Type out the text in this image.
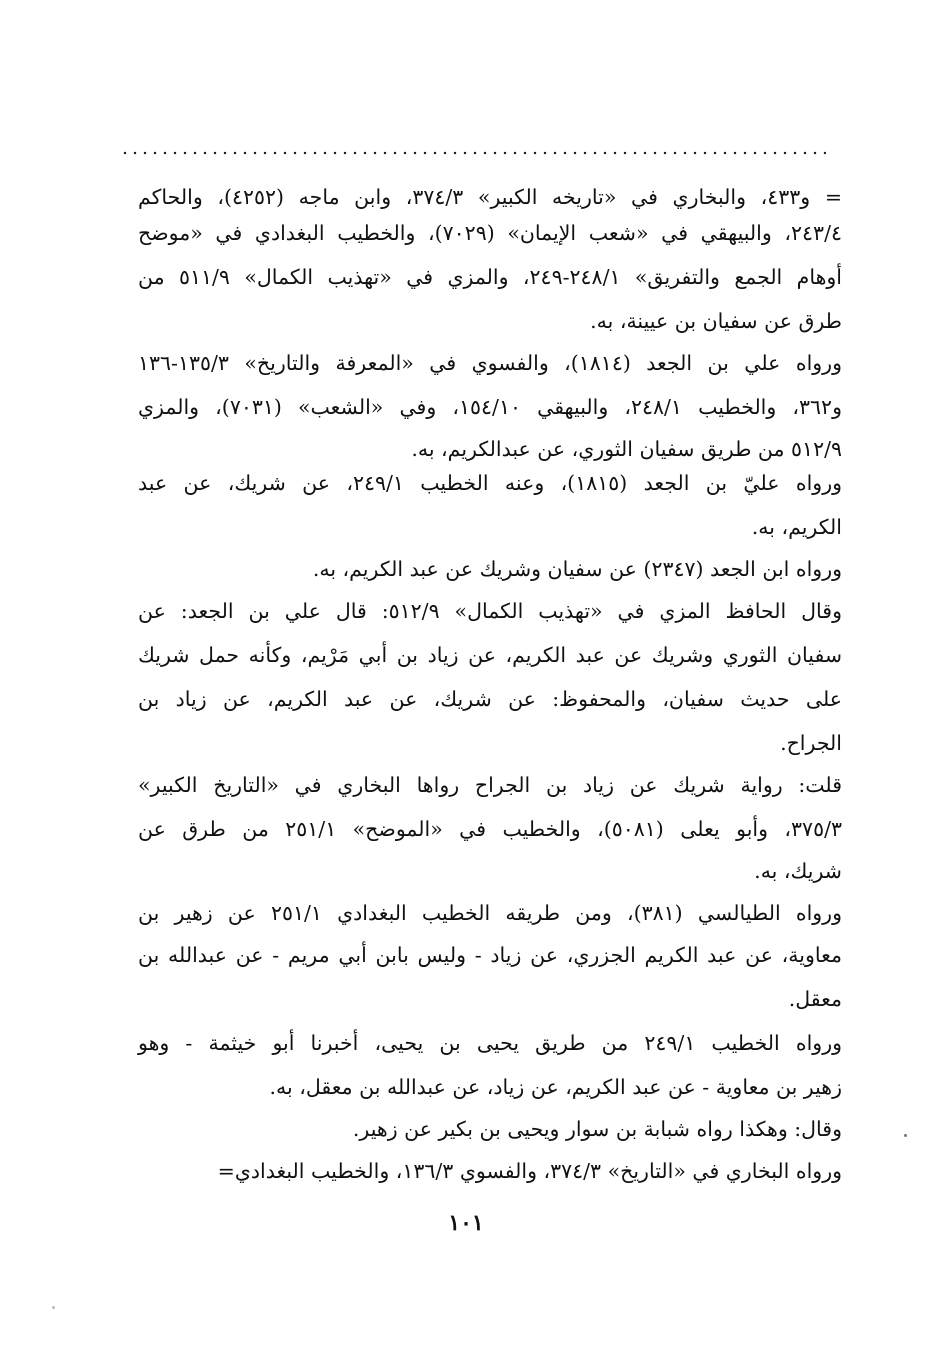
= و٤٣٣، والبخاري في «تاريخه الكبير» ٣٧٤/٣، وابن ماجه (٤٢٥٢)، والحاكم
٢٤٣/٤، والبيهقي في «شعب الإيمان» (٧٠٢٩)، والخطيب البغدادي في «موضح
أوهام الجمع والتفريق» ٢٤٨/١-٢٤٩، والمزي في «تهذيب الكمال» ٥١١/٩ من
طرق عن سفيان بن عيينة، به.
ورواه علي بن الجعد (١٨١٤)، والفسوي في «المعرفة والتاريخ» ١٣٥/٣-١٣٦
و٣٦٢، والخطيب ٢٤٨/١، والبيهقي ١٥٤/١٠، وفي «الشعب» (٧٠٣١)، والمزي
٥١٢/٩ من طريق سفيان الثوري، عن عبدالكريم، به.
ورواه عليّ بن الجعد (١٨١٥)، وعنه الخطيب ٢٤٩/١، عن شريك، عن عبد
الكريم، به.
ورواه ابن الجعد (٢٣٤٧) عن سفيان وشريك عن عبد الكريم، به.
وقال الحافظ المزي في «تهذيب الكمال» ٥١٢/٩: قال علي بن الجعد: عن
سفيان الثوري وشريك عن عبد الكريم، عن زياد بن أبي مَرْيم، وكأنه حمل شريك
على حديث سفيان، والمحفوظ: عن شريك، عن عبد الكريم، عن زياد بن
الجراح.
قلت: رواية شريك عن زياد بن الجراح رواها البخاري في «التاريخ الكبير»
٣٧٥/٣، وأبو يعلى (٥٠٨١)، والخطيب في «الموضح» ٢٥١/١ من طرق عن
شريك، به.
ورواه الطيالسي (٣٨١)، ومن طريقه الخطيب البغدادي ٢٥١/١ عن زهير بن
معاوية، عن عبد الكريم الجزري، عن زياد - وليس بابن أبي مريم - عن عبدالله بن
معقل.
ورواه الخطيب ٢٤٩/١ من طريق يحيى بن يحيى، أخبرنا أبو خيثمة - وهو
زهير بن معاوية - عن عبد الكريم، عن زياد، عن عبدالله بن معقل، به.
وقال: وهكذا رواه شبابة بن سوار ويحيى بن بكير عن زهير.
ورواه البخاري في «التاريخ» ٣٧٤/٣، والفسوي ١٣٦/٣، والخطيب البغدادي=
١٠١
